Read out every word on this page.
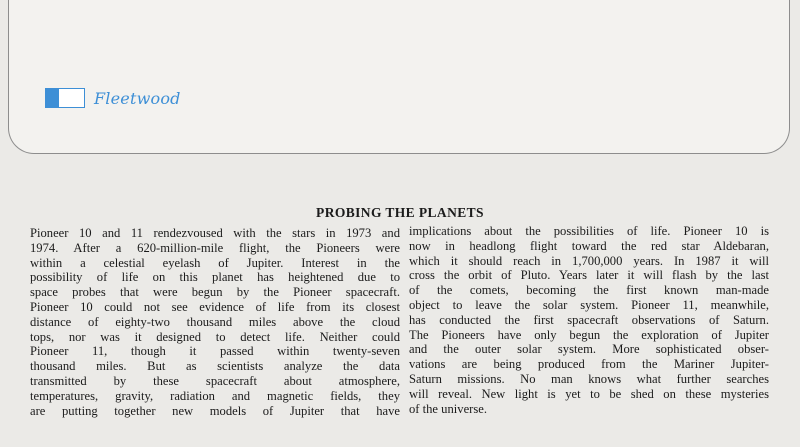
Fleetwood
PROBING THE PLANETS
Pioneer 10 and 11 rendezvoused with the stars in 1973 and
1974. After a 620-million-mile flight, the Pioneers were
within a celestial eyelash of Jupiter. Interest in the
possibility of life on this planet has heightened due to
space probes that were begun by the Pioneer spacecraft.
Pioneer 10 could not see evidence of life from its closest
distance of eighty-two thousand miles above the cloud
tops, nor was it designed to detect life. Neither could
Pioneer 11, though it passed within twenty-seven
thousand miles. But as scientists analyze the data
transmitted by these spacecraft about atmosphere,
temperatures, gravity, radiation and magnetic fields, they
are putting together new models of Jupiter that have
implications about the possibilities of life. Pioneer 10 is
now in headlong flight toward the red star Aldebaran,
which it should reach in 1,700,000 years. In 1987 it will
cross the orbit of Pluto. Years later it will flash by the last
of the comets, becoming the first known man-made
object to leave the solar system. Pioneer 11, meanwhile,
has conducted the first spacecraft observations of Saturn.
The Pioneers have only begun the exploration of Jupiter
and the outer solar system. More sophisticated obser-
vations are being produced from the Mariner Jupiter-
Saturn missions. No man knows what further searches
will reveal. New light is yet to be shed on these mysteries
of the universe.
